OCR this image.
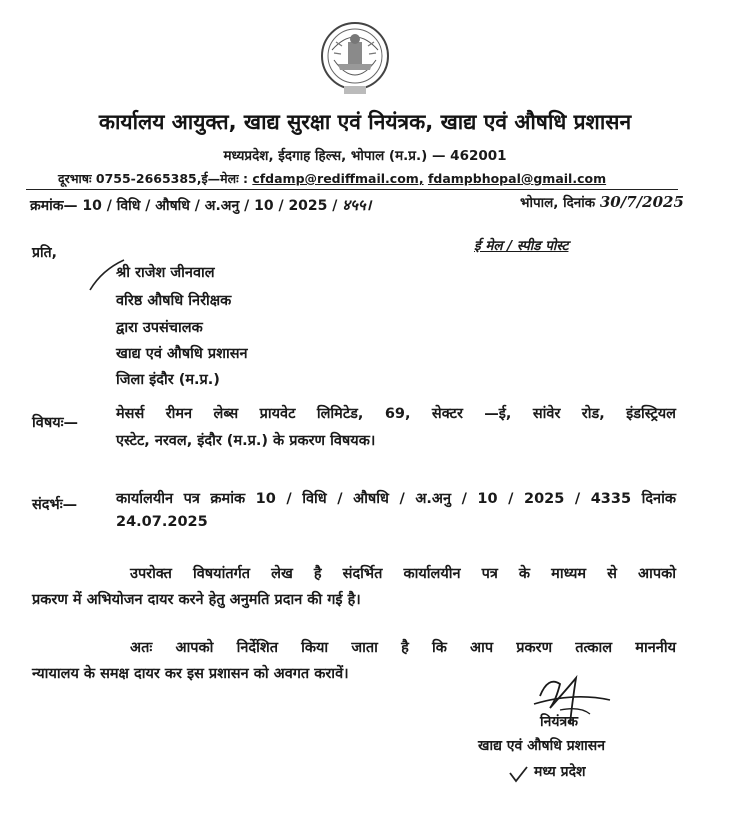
कार्यालय आयुक्त, खाद्य सुरक्षा एवं नियंत्रक, खाद्य एवं औषधि प्रशासन
मध्यप्रदेश, ईदगाह हिल्स, भोपाल (म.प्र.) — 462001
दूरभाषः 0755-2665385,ई—मेलः : cfdamp@rediffmail.com, fdampbhopal@gmail.com
क्रमांक— 10 / विधि / औषधि / अ.अनु / 10 / 2025 / ४५५।	भोपाल, दिनांक 30/7/2025
प्रति,	ई मेल / स्पीड पोस्ट
श्री राजेश जीनवाल
वरिष्ठ औषधि निरीक्षक
द्वारा उपसंचालक
खाद्य एवं औषधि प्रशासन
जिला इंदौर (म.प्र.)
विषयः—
मेसर्स रीमन लेब्स प्रायवेट लिमिटेड, 69, सेक्टर —ई, सांवेर रोड, इंडस्ट्रियल
एस्टेट, नरवल, इंदौर (म.प्र.) के प्रकरण विषयक।
संदर्भः—	कार्यालयीन पत्र क्रमांक 10 / विधि / औषधि / अ.अनु / 10 / 2025 / 4335 दिनांक
24.07.2025
उपरोक्त विषयांतर्गत लेख है संदर्भित कार्यालयीन पत्र के माध्यम से आपको
प्रकरण में अभियोजन दायर करने हेतु अनुमति प्रदान की गई है।
अतः आपको निर्देशित किया जाता है कि आप प्रकरण तत्काल माननीय
न्यायालय के समक्ष दायर कर इस प्रशासन को अवगत करावें।
नियंत्रक
खाद्य एवं औषधि प्रशासन
मध्य प्रदेश
